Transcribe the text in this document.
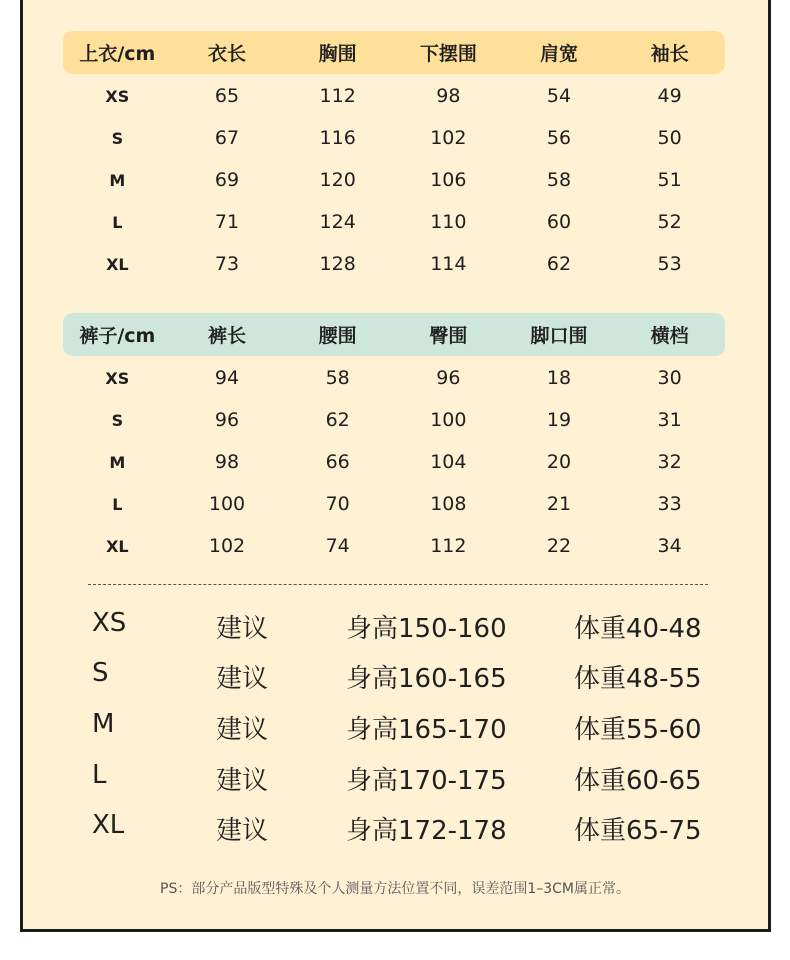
上衣/cm	衣长	胸围	下摆围	肩宽	袖长
XS	65	112	98	54	49
S	67	116	102	56	50
M	69	120	106	58	51
L	71	124	110	60	52
XL	73	128	114	62	53
裤子/cm	裤长	腰围	臀围	脚口围	横档
XS	94	58	96	18	30
S	96	62	100	19	31
M	98	66	104	20	32
L	100	70	108	21	33
XL	102	74	112	22	34
XS	建议	身高150-160	体重40-48
S	建议	身高160-165	体重48-55
M	建议	身高165-170	体重55-60
L	建议	身高170-175	体重60-65
XL	建议	身高172-178	体重65-75
PS：部分产品版型特殊及个人测量方法位置不同，误差范围1–3CM属正常。
